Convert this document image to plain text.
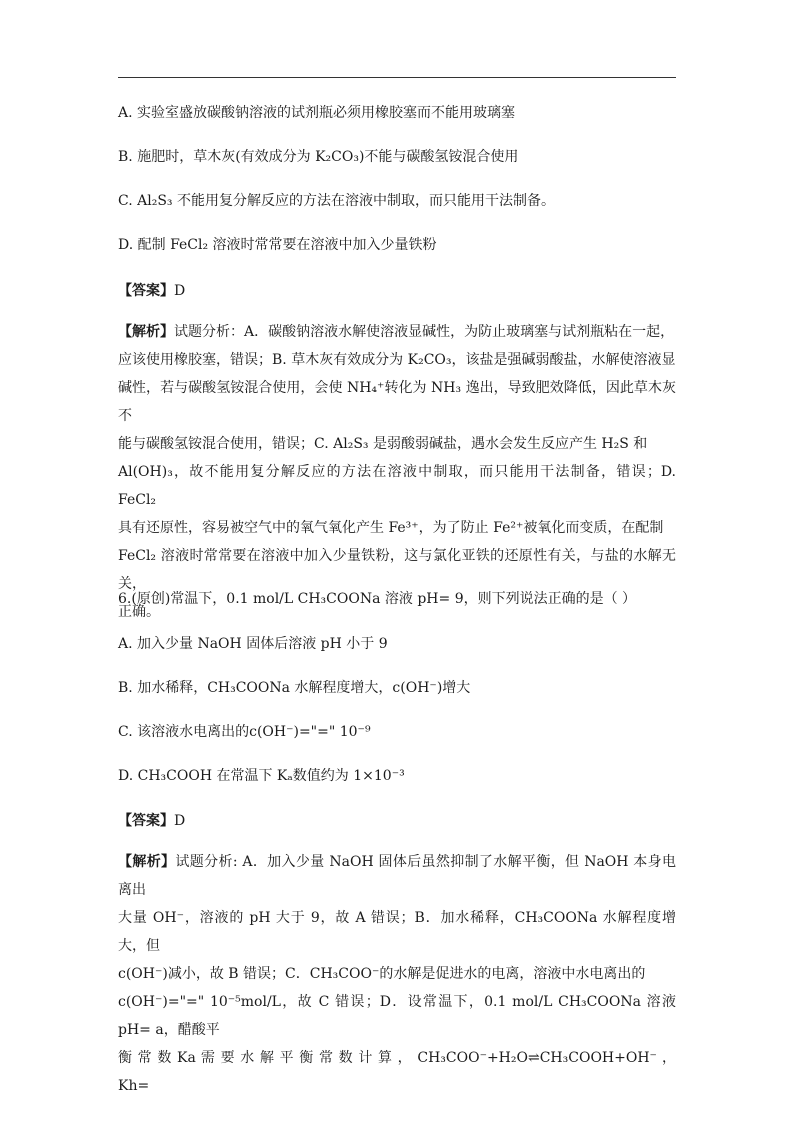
A. 实验室盛放碳酸钠溶液的试剂瓶必须用橡胶塞而不能用玻璃塞
B. 施肥时，草木灰(有效成分为 K₂CO₃)不能与碳酸氢铵混合使用
C. Al₂S₃ 不能用复分解反应的方法在溶液中制取，而只能用干法制备。
D. 配制 FeCl₂ 溶液时常常要在溶液中加入少量铁粉
【答案】D
【解析】试题分析：A．碳酸钠溶液水解使溶液显碱性，为防止玻璃塞与试剂瓶粘在一起，
应该使用橡胶塞，错误；B. 草木灰有效成分为 K₂CO₃，该盐是强碱弱酸盐，水解使溶液显
碱性，若与碳酸氢铵混合使用，会使 NH₄⁺转化为 NH₃ 逸出，导致肥效降低，因此草木灰不
能与碳酸氢铵混合使用，错误；C. Al₂S₃ 是弱酸弱碱盐，遇水会发生反应产生 H₂S 和
Al(OH)₃，故不能用复分解反应的方法在溶液中制取，而只能用干法制备，错误；D. FeCl₂
具有还原性，容易被空气中的氧气氧化产生 Fe³⁺，为了防止 Fe²⁺被氧化而变质，在配制
FeCl₂ 溶液时常常要在溶液中加入少量铁粉，这与氯化亚铁的还原性有关，与盐的水解无关，
正确。
6.(原创)常温下，0.1 mol/L CH₃COONa 溶液 pH= 9，则下列说法正确的是（ ）
A. 加入少量 NaOH 固体后溶液 pH 小于 9
B. 加水稀释，CH₃COONa 水解程度增大，c(OH⁻)增大
C. 该溶液水电离出的c(OH⁻)="=" 10⁻⁹
D. CH₃COOH 在常温下 Kₐ数值约为 1×10⁻³
【答案】D
【解析】试题分析: A．加入少量 NaOH 固体后虽然抑制了水解平衡，但 NaOH 本身电离出
大量 OH⁻，溶液的 pH 大于 9，故 A 错误；B．加水稀释，CH₃COONa 水解程度增大，但
c(OH⁻)减小，故 B 错误；C．CH₃COO⁻的水解是促进水的电离，溶液中水电离出的
c(OH⁻)="=" 10⁻⁵mol/L，故 C 错误；D．设常温下，0.1 mol/L CH₃COONa 溶液 pH= a，醋酸平
衡 常 数 Ka 需 要 水 解 平 衡 常 数 计 算 ， CH₃COO⁻+H₂O⇌CH₃COOH+OH⁻ ， Kh=
